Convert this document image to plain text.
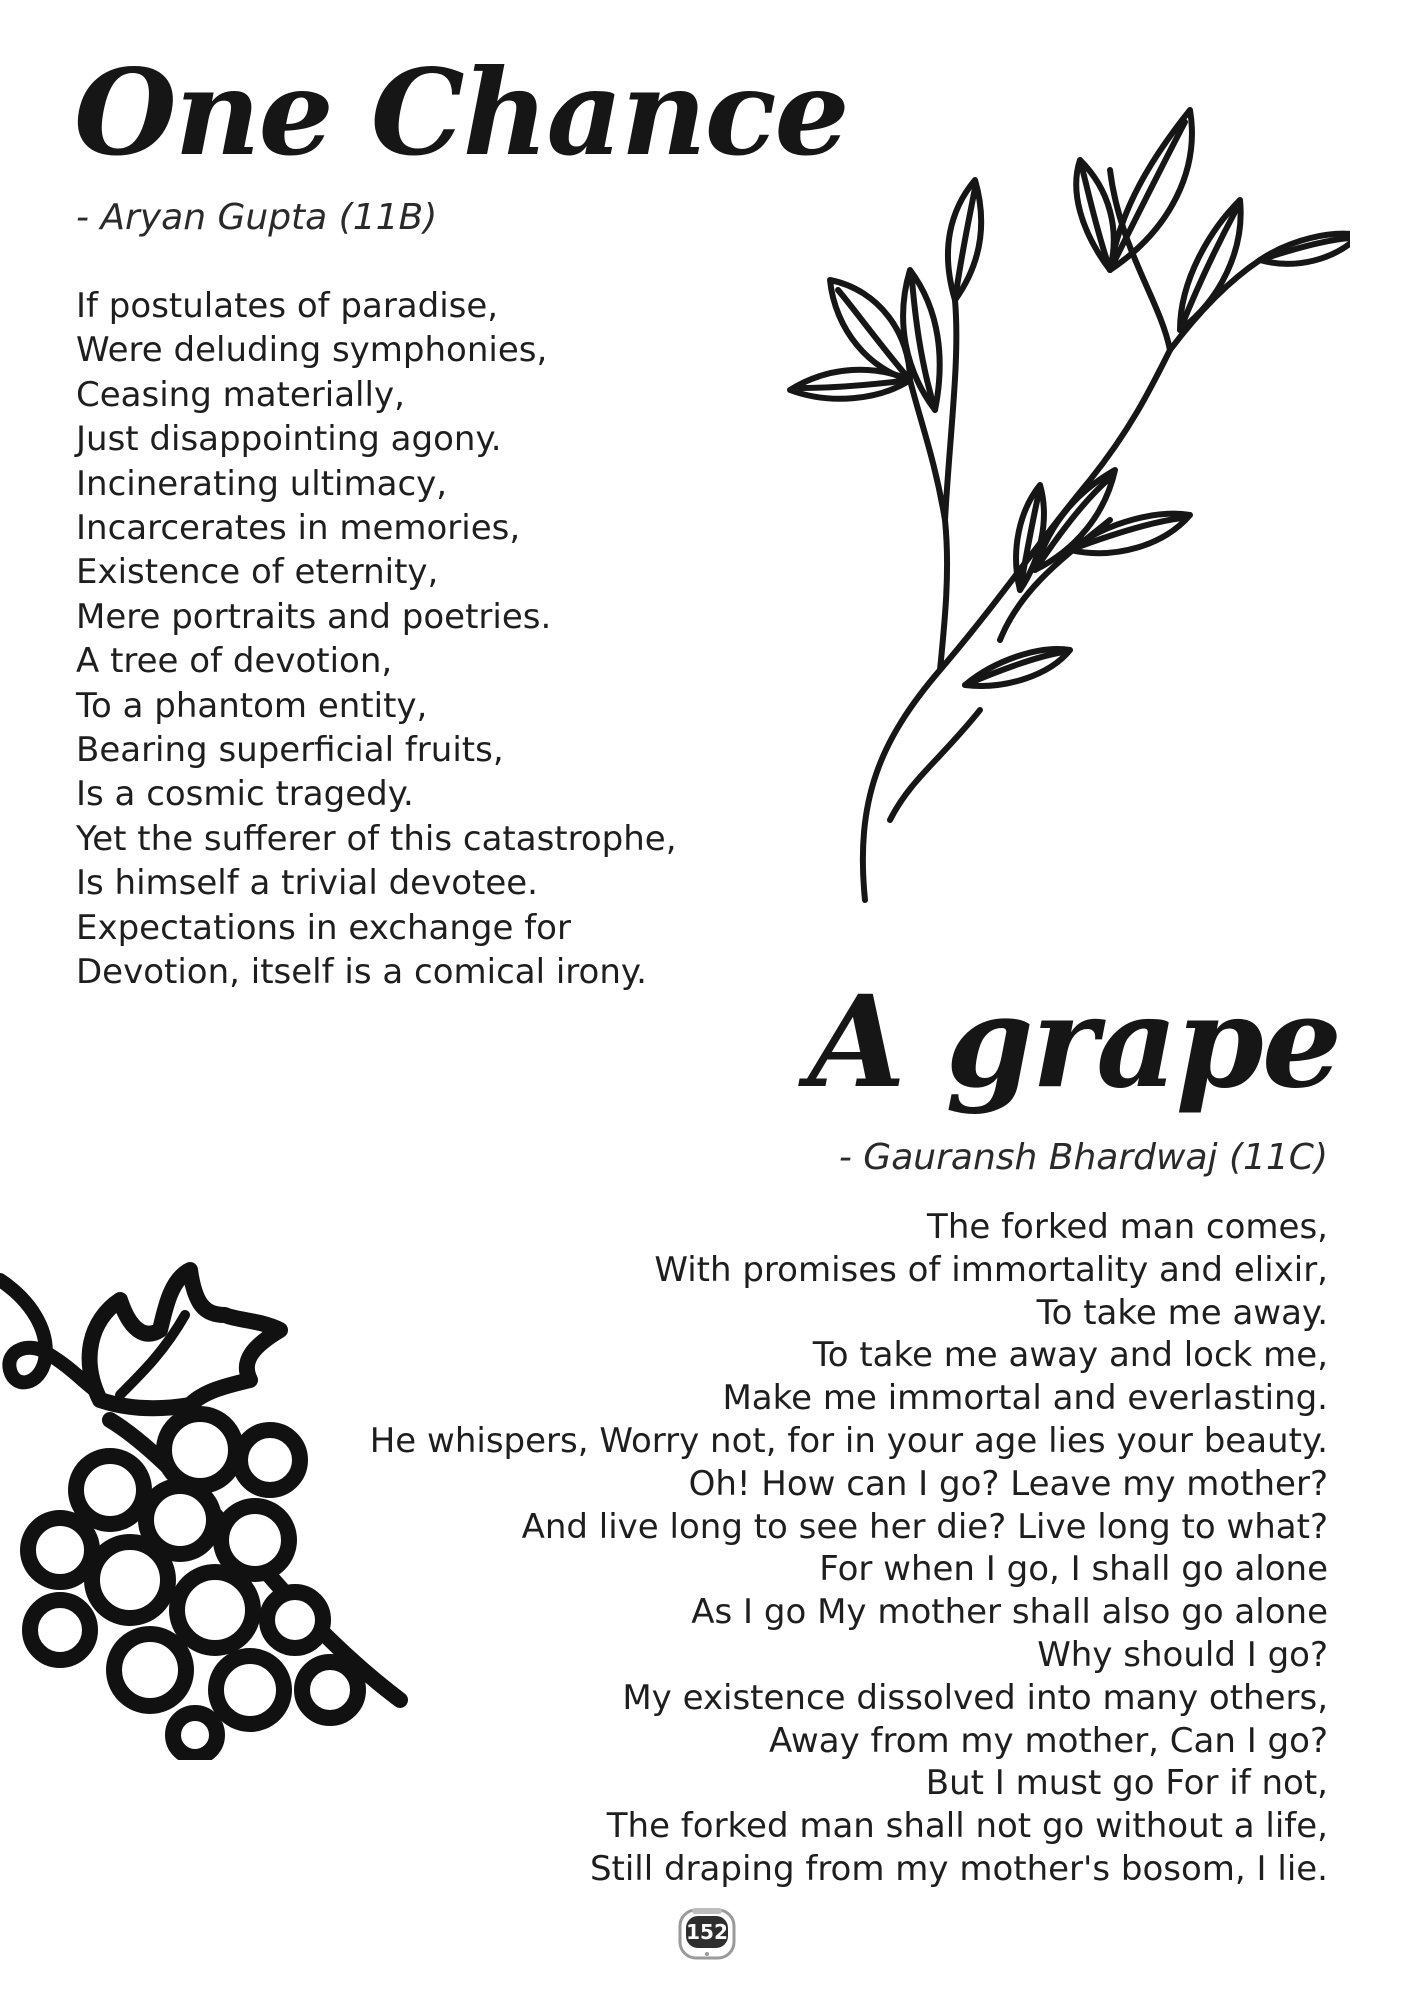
One Chance
- Aryan Gupta (11B)
If postulates of paradise,
Were deluding symphonies,
Ceasing materially,
Just disappointing agony.
Incinerating ultimacy,
Incarcerates in memories,
Existence of eternity,
Mere portraits and poetries.
A tree of devotion,
To a phantom entity,
Bearing superficial fruits,
Is a cosmic tragedy.
Yet the sufferer of this catastrophe,
Is himself a trivial devotee.
Expectations in exchange for
Devotion, itself is a comical irony. A grape
- Gauransh Bhardwaj (11C)
The forked man comes,
With promises of immortality and elixir,
To take me away.
To take me away and lock me,
Make me immortal and everlasting.
He whispers, Worry not, for in your age lies your beauty.
Oh! How can I go? Leave my mother?
And live long to see her die? Live long to what?
For when I go, I shall go alone
As I go My mother shall also go alone
Why should I go?
My existence dissolved into many others,
Away from my mother, Can I go?
But I must go For if not,
The forked man shall not go without a life,
Still draping from my mother's bosom, I lie.
152
